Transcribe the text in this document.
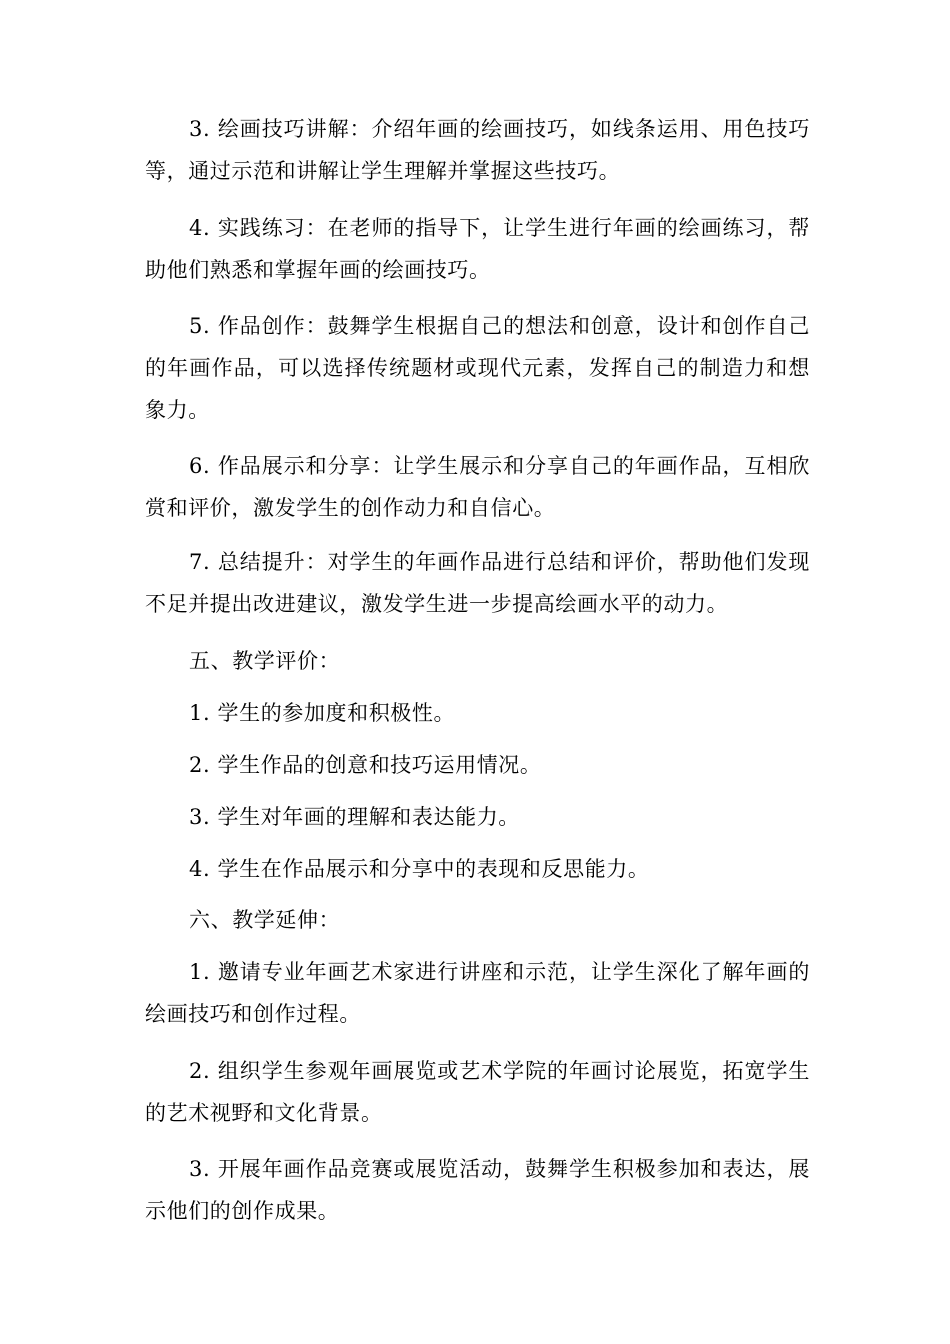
3. 绘画技巧讲解：介绍年画的绘画技巧，如线条运用、用色技巧等，通过示范和讲解让学生理解并掌握这些技巧。

4. 实践练习：在老师的指导下，让学生进行年画的绘画练习，帮助他们熟悉和掌握年画的绘画技巧。

5. 作品创作：鼓舞学生根据自己的想法和创意，设计和创作自己的年画作品，可以选择传统题材或现代元素，发挥自己的制造力和想象力。

6. 作品展示和分享：让学生展示和分享自己的年画作品，互相欣赏和评价，激发学生的创作动力和自信心。

7. 总结提升：对学生的年画作品进行总结和评价，帮助他们发现不足并提出改进建议，激发学生进一步提高绘画水平的动力。

五、教学评价：

1. 学生的参加度和积极性。

2. 学生作品的创意和技巧运用情况。

3. 学生对年画的理解和表达能力。

4. 学生在作品展示和分享中的表现和反思能力。

六、教学延伸：

1. 邀请专业年画艺术家进行讲座和示范，让学生深化了解年画的绘画技巧和创作过程。

2. 组织学生参观年画展览或艺术学院的年画讨论展览，拓宽学生的艺术视野和文化背景。

3. 开展年画作品竞赛或展览活动，鼓舞学生积极参加和表达，展示他们的创作成果。
